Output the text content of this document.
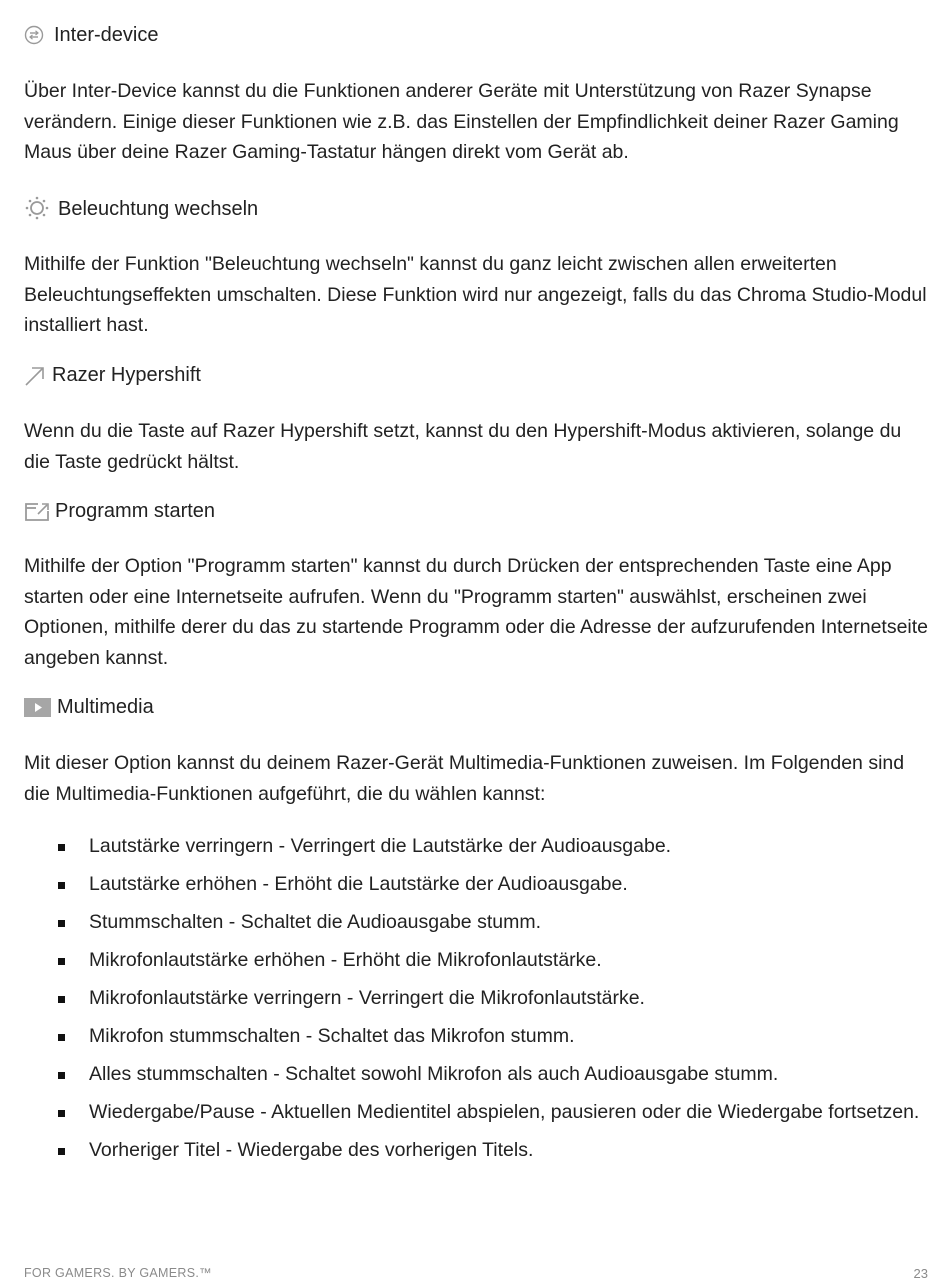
Inter-device

Über Inter-Device kannst du die Funktionen anderer Geräte mit Unterstützung von Razer Synapse verändern. Einige dieser Funktionen wie z.B. das Einstellen der Empfindlichkeit deiner Razer Gaming Maus über deine Razer Gaming-Tastatur hängen direkt vom Gerät ab.

Beleuchtung wechseln

Mithilfe der Funktion "Beleuchtung wechseln" kannst du ganz leicht zwischen allen erweiterten Beleuchtungseffekten umschalten. Diese Funktion wird nur angezeigt, falls du das Chroma Studio-Modul installiert hast.

Razer Hypershift

Wenn du die Taste auf Razer Hypershift setzt, kannst du den Hypershift-Modus aktivieren, solange du die Taste gedrückt hältst.

Programm starten

Mithilfe der Option "Programm starten" kannst du durch Drücken der entsprechenden Taste eine App starten oder eine Internetseite aufrufen. Wenn du "Programm starten" auswählst, erscheinen zwei Optionen, mithilfe derer du das zu startende Programm oder die Adresse der aufzurufenden Internetseite angeben kannst.

Multimedia

Mit dieser Option kannst du deinem Razer-Gerät Multimedia-Funktionen zuweisen. Im Folgenden sind die Multimedia-Funktionen aufgeführt, die du wählen kannst:

Lautstärke verringern - Verringert die Lautstärke der Audioausgabe.
Lautstärke erhöhen - Erhöht die Lautstärke der Audioausgabe.
Stummschalten - Schaltet die Audioausgabe stumm.
Mikrofonlautstärke erhöhen - Erhöht die Mikrofonlautstärke.
Mikrofonlautstärke verringern - Verringert die Mikrofonlautstärke.
Mikrofon stummschalten - Schaltet das Mikrofon stumm.
Alles stummschalten - Schaltet sowohl Mikrofon als auch Audioausgabe stumm.
Wiedergabe/Pause - Aktuellen Medientitel abspielen, pausieren oder die Wiedergabe fortsetzen.
Vorheriger Titel - Wiedergabe des vorherigen Titels.
FOR GAMERS. BY GAMERS.™	23
